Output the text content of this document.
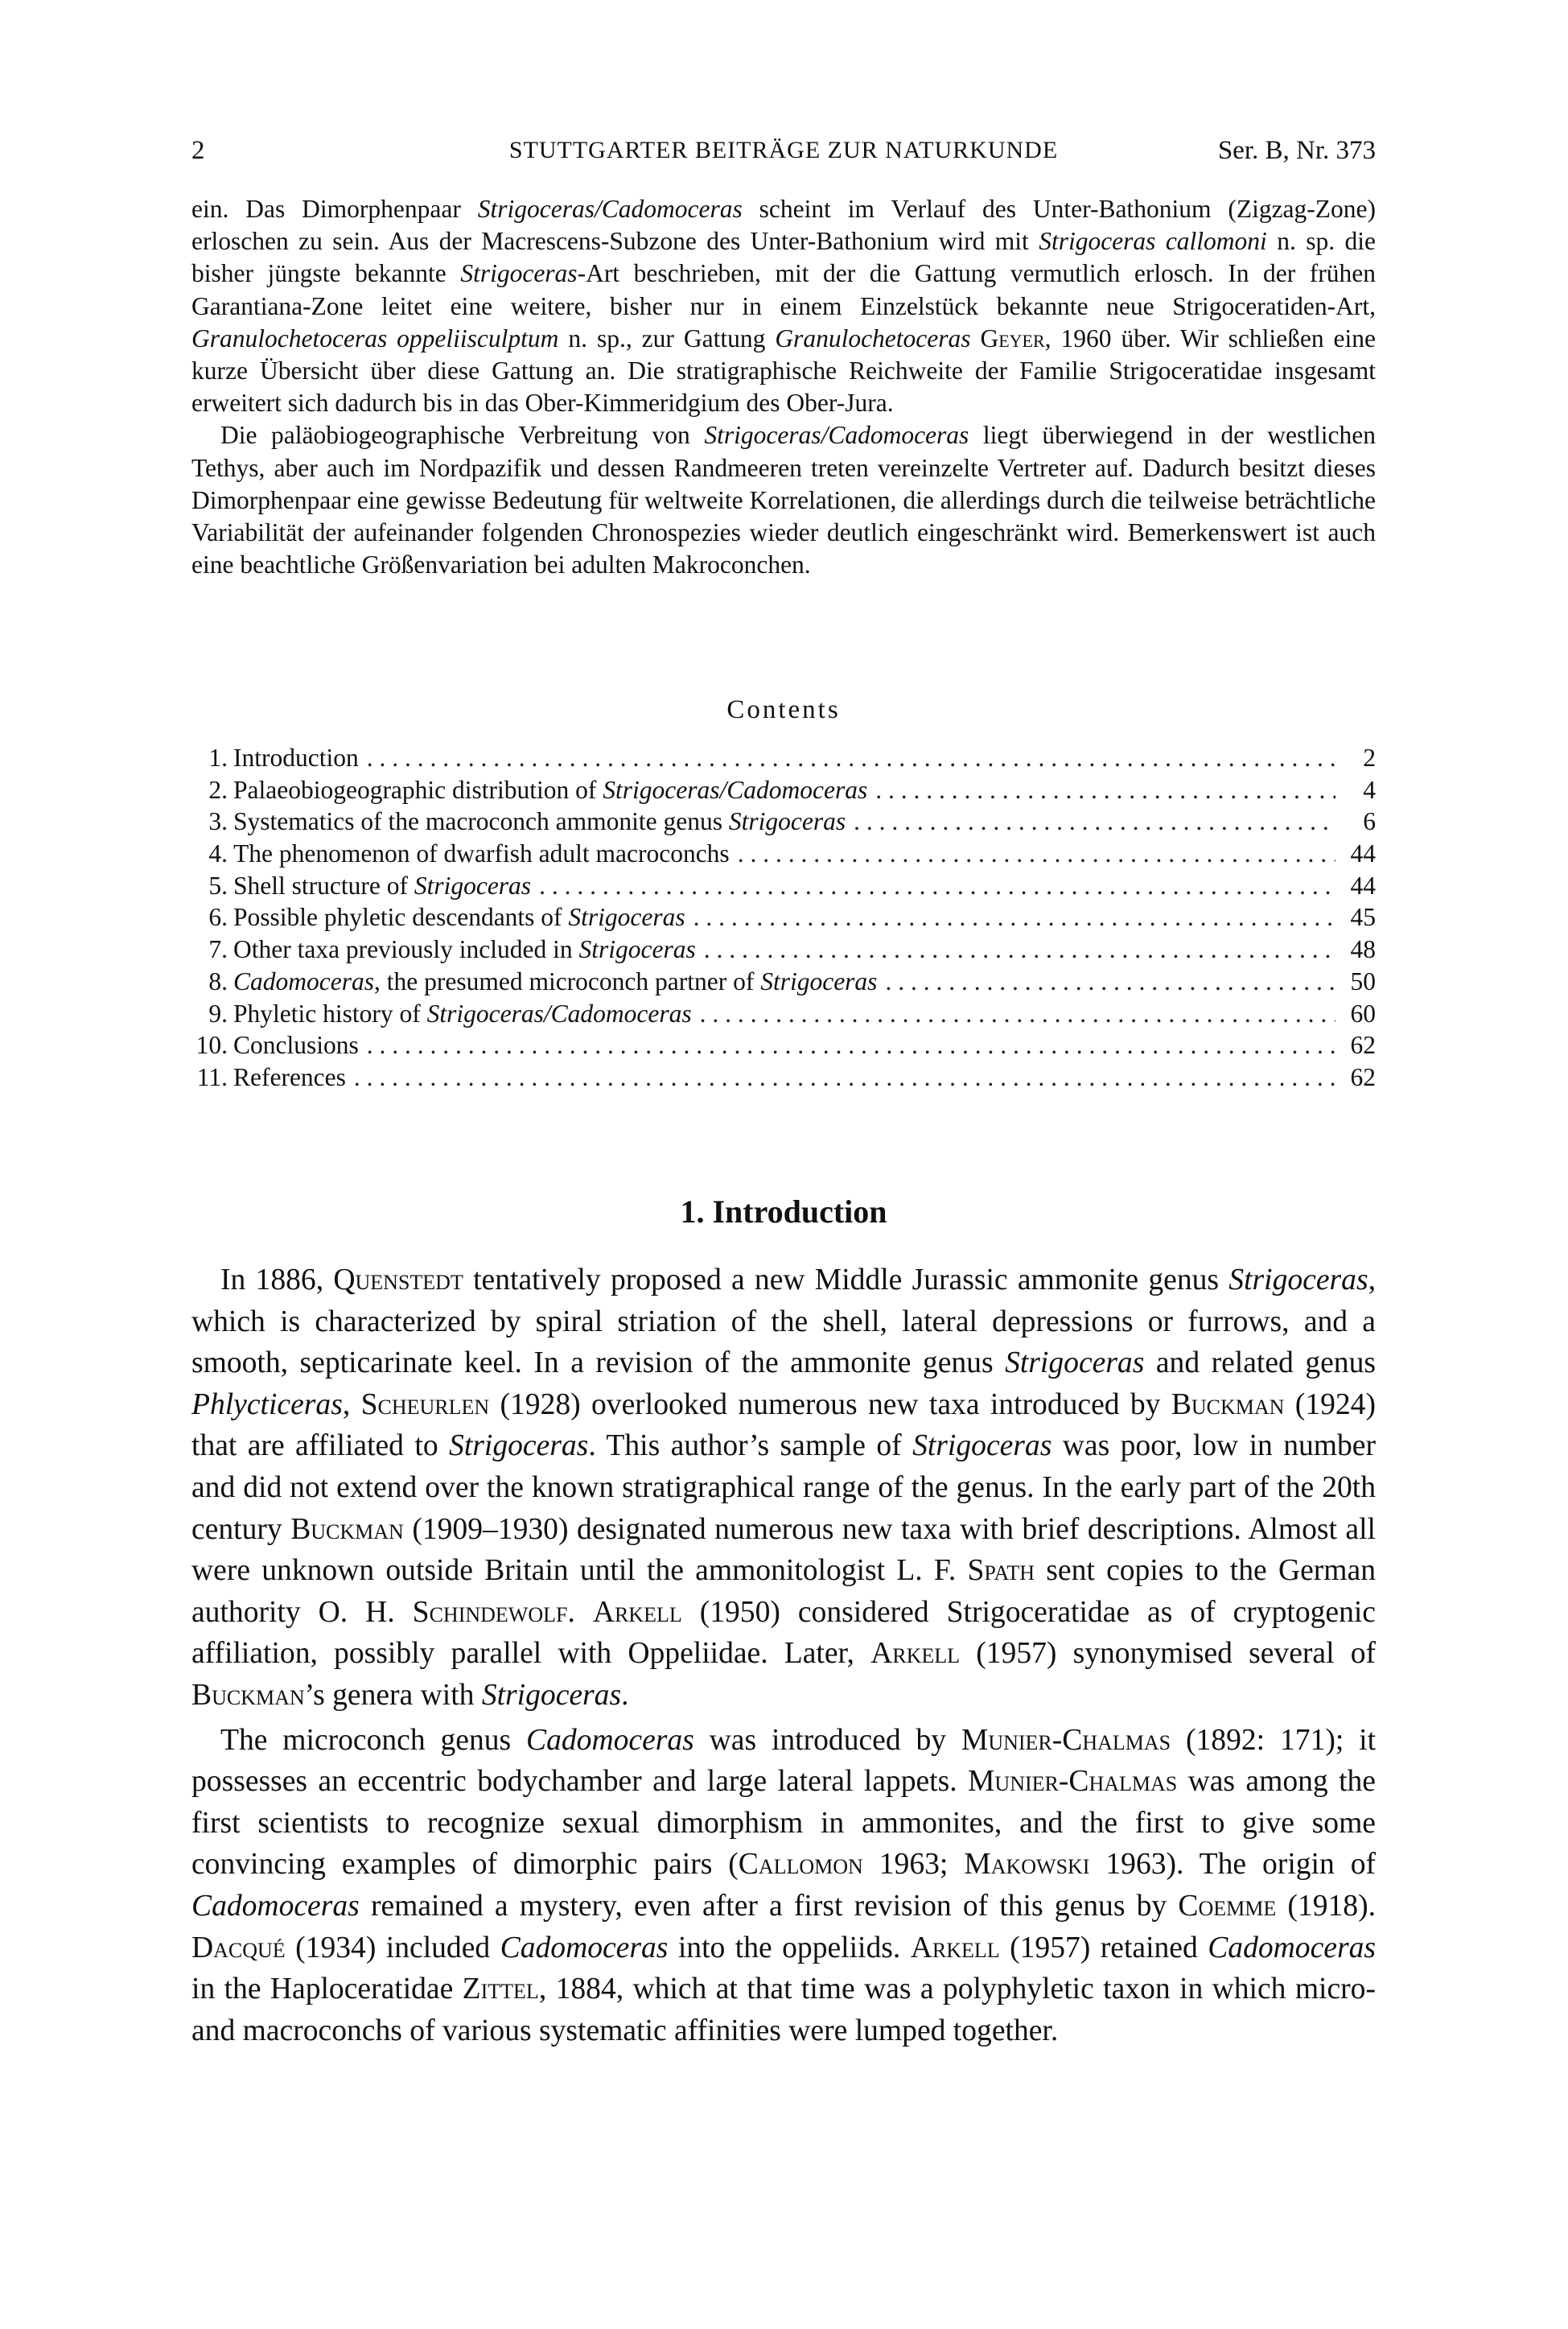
2	STUTTGARTER BEITRÄGE ZUR NATURKUNDE	Ser. B, Nr. 373

ein. Das Dimorphenpaar Strigoceras/Cadomoceras scheint im Verlauf des Unter-Bathonium (Zigzag-Zone) erloschen zu sein. Aus der Macrescens-Subzone des Unter-Bathonium wird mit Strigoceras callomoni n. sp. die bisher jüngste bekannte Strigoceras-Art beschrieben, mit der die Gattung vermutlich erlosch. In der frühen Garantiana-Zone leitet eine weitere, bisher nur in einem Einzelstück bekannte neue Strigoceratiden-Art, Granulochetoceras oppeliisculptum n. sp., zur Gattung Granulochetoceras Geyer, 1960 über. Wir schließen eine kurze Übersicht über diese Gattung an. Die stratigraphische Reichweite der Familie Strigoceratidae insgesamt erweitert sich dadurch bis in das Ober-Kimmeridgium des Ober-Jura.

Die paläobiogeographische Verbreitung von Strigoceras/Cadomoceras liegt überwiegend in der westlichen Tethys, aber auch im Nordpazifik und dessen Randmeeren treten vereinzelte Vertreter auf. Dadurch besitzt dieses Dimorphenpaar eine gewisse Bedeutung für weltweite Korrelationen, die allerdings durch die teilweise beträchtliche Variabilität der aufeinander folgenden Chronospezies wieder deutlich eingeschränkt wird. Bemerkenswert ist auch eine beachtliche Größenvariation bei adulten Makroconchen.

Contents
1. Introduction . . .	2
2. Palaeobiogeographic distribution of Strigoceras/Cadomoceras . . .	4
3. Systematics of the macroconch ammonite genus Strigoceras . . .	6
4. The phenomenon of dwarfish adult macroconchs . . .	44
5. Shell structure of Strigoceras . . .	44
6. Possible phyletic descendants of Strigoceras . . .	45
7. Other taxa previously included in Strigoceras . . .	48
8. Cadomoceras, the presumed microconch partner of Strigoceras . . .	50
9. Phyletic history of Strigoceras/Cadomoceras . . .	60
10. Conclusions . . .	62
11. References . . .	62
1. Introduction

In 1886, Quenstedt tentatively proposed a new Middle Jurassic ammonite genus Strigoceras, which is characterized by spiral striation of the shell, lateral depressions or furrows, and a smooth, septicarinate keel. In a revision of the ammonite genus Strigoceras and related genus Phlycticeras, Scheurlen (1928) overlooked numerous new taxa introduced by Buckman (1924) that are affiliated to Strigoceras. This author’s sample of Strigoceras was poor, low in number and did not extend over the known stratigraphical range of the genus. In the early part of the 20th century Buckman (1909–1930) designated numerous new taxa with brief descriptions. Almost all were unknown outside Britain until the ammonitologist L. F. Spath sent copies to the German authority O. H. Schindewolf. Arkell (1950) considered Strigoceratidae as of cryptogenic affiliation, possibly parallel with Oppeliidae. Later, Arkell (1957) synonymised several of Buckman’s genera with Strigoceras.

The microconch genus Cadomoceras was introduced by Munier-Chalmas (1892: 171); it possesses an eccentric bodychamber and large lateral lappets. Munier-Chalmas was among the first scientists to recognize sexual dimorphism in ammonites, and the first to give some convincing examples of dimorphic pairs (Callomon 1963; Makowski 1963). The origin of Cadomoceras remained a mystery, even after a first revision of this genus by Coemme (1918). Dacqué (1934) included Cadomoceras into the oppeliids. Arkell (1957) retained Cadomoceras in the Haploceratidae Zittel, 1884, which at that time was a polyphyletic taxon in which micro- and macroconchs of various systematic affinities were lumped together.
